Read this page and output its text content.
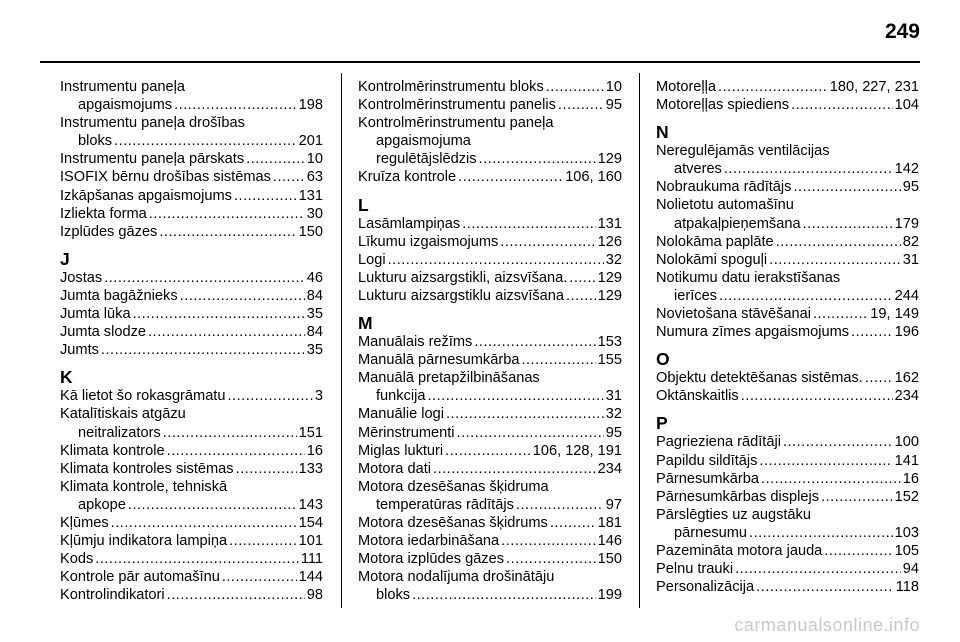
249
Instrumentu paneļa
apgaismojums .....	198
Instrumentu paneļa drošības
bloks .....	201
Instrumentu paneļa pārskats .....	10
ISOFIX bērnu drošības sistēmas ..... 63
Izkāpšanas apgaismojums .....	131
Izliekta forma .....	30
Izplūdes gāzes .....	150
J
Jostas .....	46
Jumta bagāžnieks .....	84
Jumta lūka .....	35
Jumta slodze .....	84
Jumts .....	35
K
Kā lietot šo rokasgrāmatu .....	3
Katalītiskais atgāzu
neitralizators .....	151
Klimata kontrole .....	16
Klimata kontroles sistēmas .....	133
Klimata kontrole, tehniskā
apkope .....	143
Kļūmes .....	154
Kļūmju indikatora lampiņa .....	101
Kods .....	111
Kontrole pār automašīnu .....	144
Kontrolindikatori .....	98
Kontrolmērinstrumentu bloks .....	10
Kontrolmērinstrumentu panelis .....	95
Kontrolmērinstrumentu paneļa
apgaismojuma
regulētājslēdzis .....	129
Kruīza kontrole .....	106, 160
L
Lasāmlampiņas .....	131
Līkumu izgaismojums .....	126
Logi .....	32
Lukturu aizsargstikli, aizsvīšana. ..... 129
Lukturu aizsargstiklu aizsvīšana ..... 129
M
Manuālais režīms .....	153
Manuālā pārnesumkārba .....	155
Manuālā pretapžilbināšanas
funkcija .....	31
Manuālie logi .....	32
Mērinstrumenti .....	95
Miglas lukturi .....	106, 128, 191
Motora dati .....	234
Motora dzesēšanas šķidruma
temperatūras rādītājs .....	97
Motora dzesēšanas šķidrums .....	181
Motora iedarbināšana .....	146
Motora izplūdes gāzes .....	150
Motora nodalījuma drošinātāju
bloks .....	199
Motoreļļa .....	180, 227, 231
Motoreļļas spiediens .....	104
N
Neregulējamās ventilācijas
atveres .....	142
Nobraukuma rādītājs .....	95
Nolietotu automašīnu
atpakaļpieņemšana .....	179
Nolokāma paplāte .....	82
Nolokāmi spoguļi .....	31
Notikumu datu ierakstīšanas
ierīces .....	244
Novietošana stāvēšanai .....	19, 149
Numura zīmes apgaismojums .....	196
O
Objektu detektēšanas sistēmas. ..... 162
Oktānskaitlis .....	234
P
Pagrieziena rādītāji .....	100
Papildu sildītājs .....	141
Pārnesumkārba .....	16
Pārnesumkārbas displejs .....	152
Pārslēgties uz augstāku
pārnesumu .....	103
Pazemināta motora jauda .....	105
Pelnu trauki .....	94
Personalizācija .....	118
carmanualsonline.info
